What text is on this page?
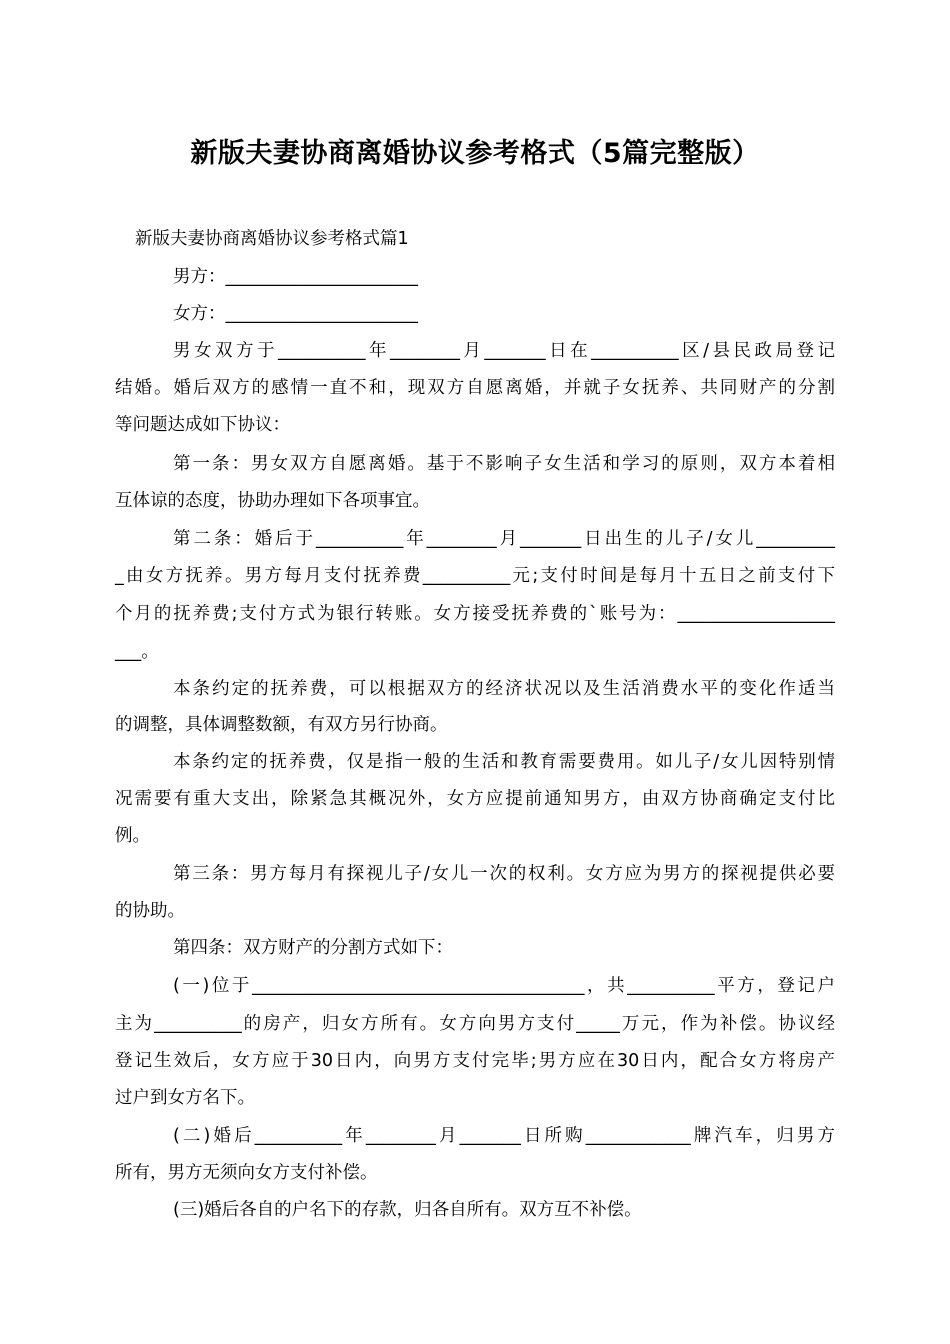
新版夫妻协商离婚协议参考格式（5篇完整版）
新版夫妻协商离婚协议参考格式篇1
男方：______________________
女方：______________________
男女双方于__________年________月_______日在__________区/县民政局登记
结婚。婚后双方的感情一直不和，现双方自愿离婚，并就子女抚养、共同财产的分割
等问题达成如下协议：
第一条：男女双方自愿离婚。基于不影响子女生活和学习的原则，双方本着相
互体谅的态度，协助办理如下各项事宜。
第二条：婚后于__________年________月_______日出生的儿子/女儿_________
_由女方抚养。男方每月支付抚养费__________元;支付时间是每月十五日之前支付下
个月的抚养费;支付方式为银行转账。女方接受抚养费的`账号为：__________________
___。
本条约定的抚养费，可以根据双方的经济状况以及生活消费水平的变化作适当
的调整，具体调整数额，有双方另行协商。
本条约定的抚养费，仅是指一般的生活和教育需要费用。如儿子/女儿因特别情
况需要有重大支出，除紧急其概况外，女方应提前通知男方，由双方协商确定支付比
例。
第三条：男方每月有探视儿子/女儿一次的权利。女方应为男方的探视提供必要
的协助。
第四条：双方财产的分割方式如下：
(一)位于______________________________________，共__________平方，登记户
主为__________的房产，归女方所有。女方向男方支付_____万元，作为补偿。协议经
登记生效后，女方应于30日内，向男方支付完毕;男方应在30日内，配合女方将房产
过户到女方名下。
(二)婚后__________年________月_______日所购____________牌汽车，归男方
所有，男方无须向女方支付补偿。
(三)婚后各自的户名下的存款，归各自所有。双方互不补偿。
